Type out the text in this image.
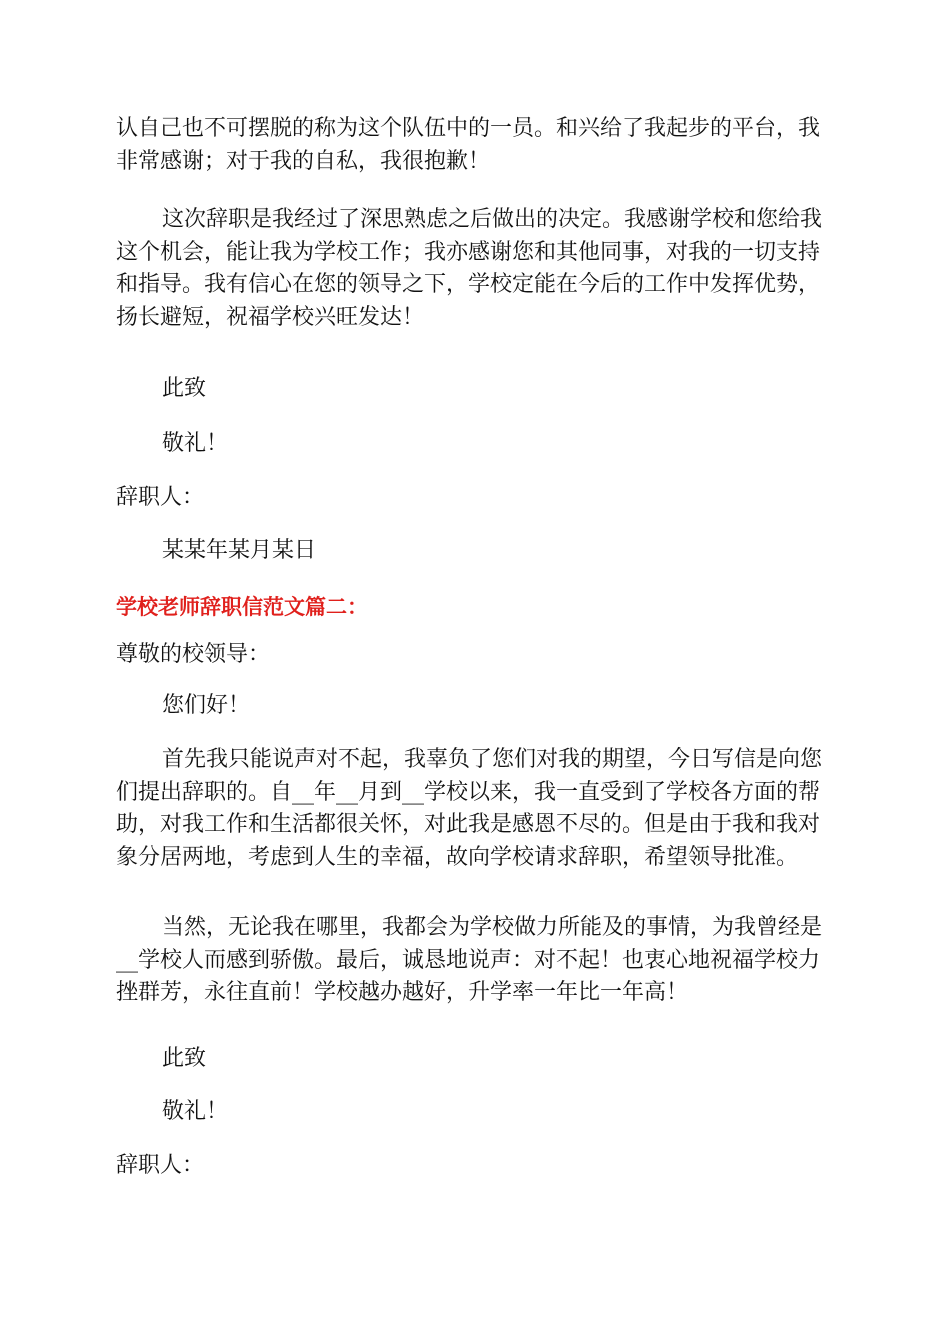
认自己也不可摆脱的称为这个队伍中的一员。和兴给了我起步的平台，我
非常感谢；对于我的自私，我很抱歉！
这次辞职是我经过了深思熟虑之后做出的决定。我感谢学校和您给我
这个机会，能让我为学校工作；我亦感谢您和其他同事，对我的一切支持
和指导。我有信心在您的领导之下，学校定能在今后的工作中发挥优势，
扬长避短，祝福学校兴旺发达！
此致
敬礼！
辞职人：
某某年某月某日
学校老师辞职信范文篇二：
尊敬的校领导：
您们好！
首先我只能说声对不起，我辜负了您们对我的期望，今日写信是向您
们提出辞职的。自__年__月到__学校以来，我一直受到了学校各方面的帮
助，对我工作和生活都很关怀，对此我是感恩不尽的。但是由于我和我对
象分居两地，考虑到人生的幸福，故向学校请求辞职，希望领导批准。
当然，无论我在哪里，我都会为学校做力所能及的事情，为我曾经是
__学校人而感到骄傲。最后，诚恳地说声：对不起！也衷心地祝福学校力
挫群芳，永往直前！学校越办越好，升学率一年比一年高！
此致
敬礼！
辞职人：
